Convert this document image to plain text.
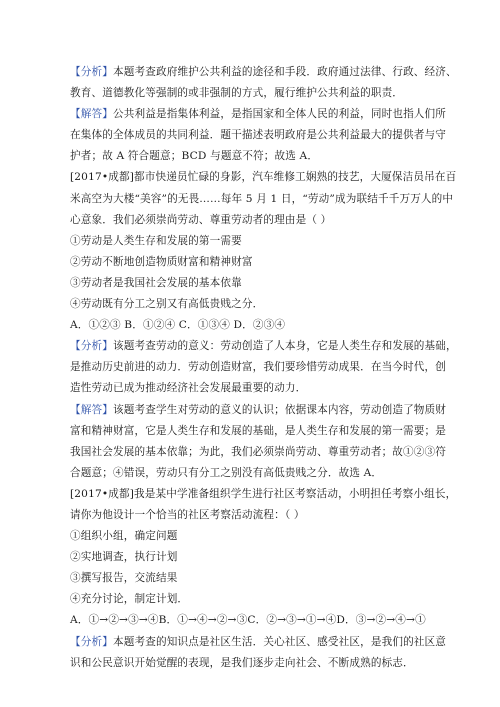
【分析】本题考查政府维护公共利益的途径和手段．政府通过法律、行政、经济、
教育、道德教化等强制的或非强制的方式，履行维护公共利益的职责．

【解答】公共利益是指集体利益，是指国家和全体人民的利益，同时也指人们所
在集体的全体成员的共同利益．题干描述表明政府是公共利益最大的提供者与守
护者；故 A 符合题意；BCD 与题意不符；故选 A．

[2017•成都]都市快递员忙碌的身影，汽车维修工娴熟的技艺，大厦保洁员吊在百
米高空为大楼“美容”的无畏……每年 5 月 1 日，“劳动”成为联结千千万万人的中
心意象．我们必须崇尚劳动、尊重劳动者的理由是（ ）

①劳动是人类生存和发展的第一需要
②劳动不断地创造物质财富和精神财富
③劳动者是我国社会发展的基本依靠
④劳动既有分工之别又有高低贵贱之分．
A．①②③ B．①②④ C．①③④ D．②③④

【分析】该题考查劳动的意义：劳动创造了人本身，它是人类生存和发展的基础，
是推动历史前进的动力．劳动创造财富，我们要珍惜劳动成果．在当今时代，创
造性劳动已成为推动经济社会发展最重要的动力．

【解答】该题考查学生对劳动的意义的认识；依据课本内容，劳动创造了物质财
富和精神财富，它是人类生存和发展的基础，是人类生存和发展的第一需要；是
我国社会发展的基本依靠；为此，我们必须崇尚劳动、尊重劳动者；故①②③符
合题意；④错误，劳动只有分工之别没有高低贵贱之分．故选 A．

[2017•成都]我是某中学准备组织学生进行社区考察活动，小明担任考察小组长，
请你为他设计一个恰当的社区考察活动流程：（ ）

①组织小组，确定问题
②实地调查，执行计划
③撰写报告，交流结果
④充分讨论，制定计划．
A．①→②→③→④B．①→④→②→③C．②→③→①→④D．③→②→④→①

【分析】本题考查的知识点是社区生活．关心社区、感受社区，是我们的社区意
识和公民意识开始觉醒的表现，是我们逐步走向社会、不断成熟的标志．
